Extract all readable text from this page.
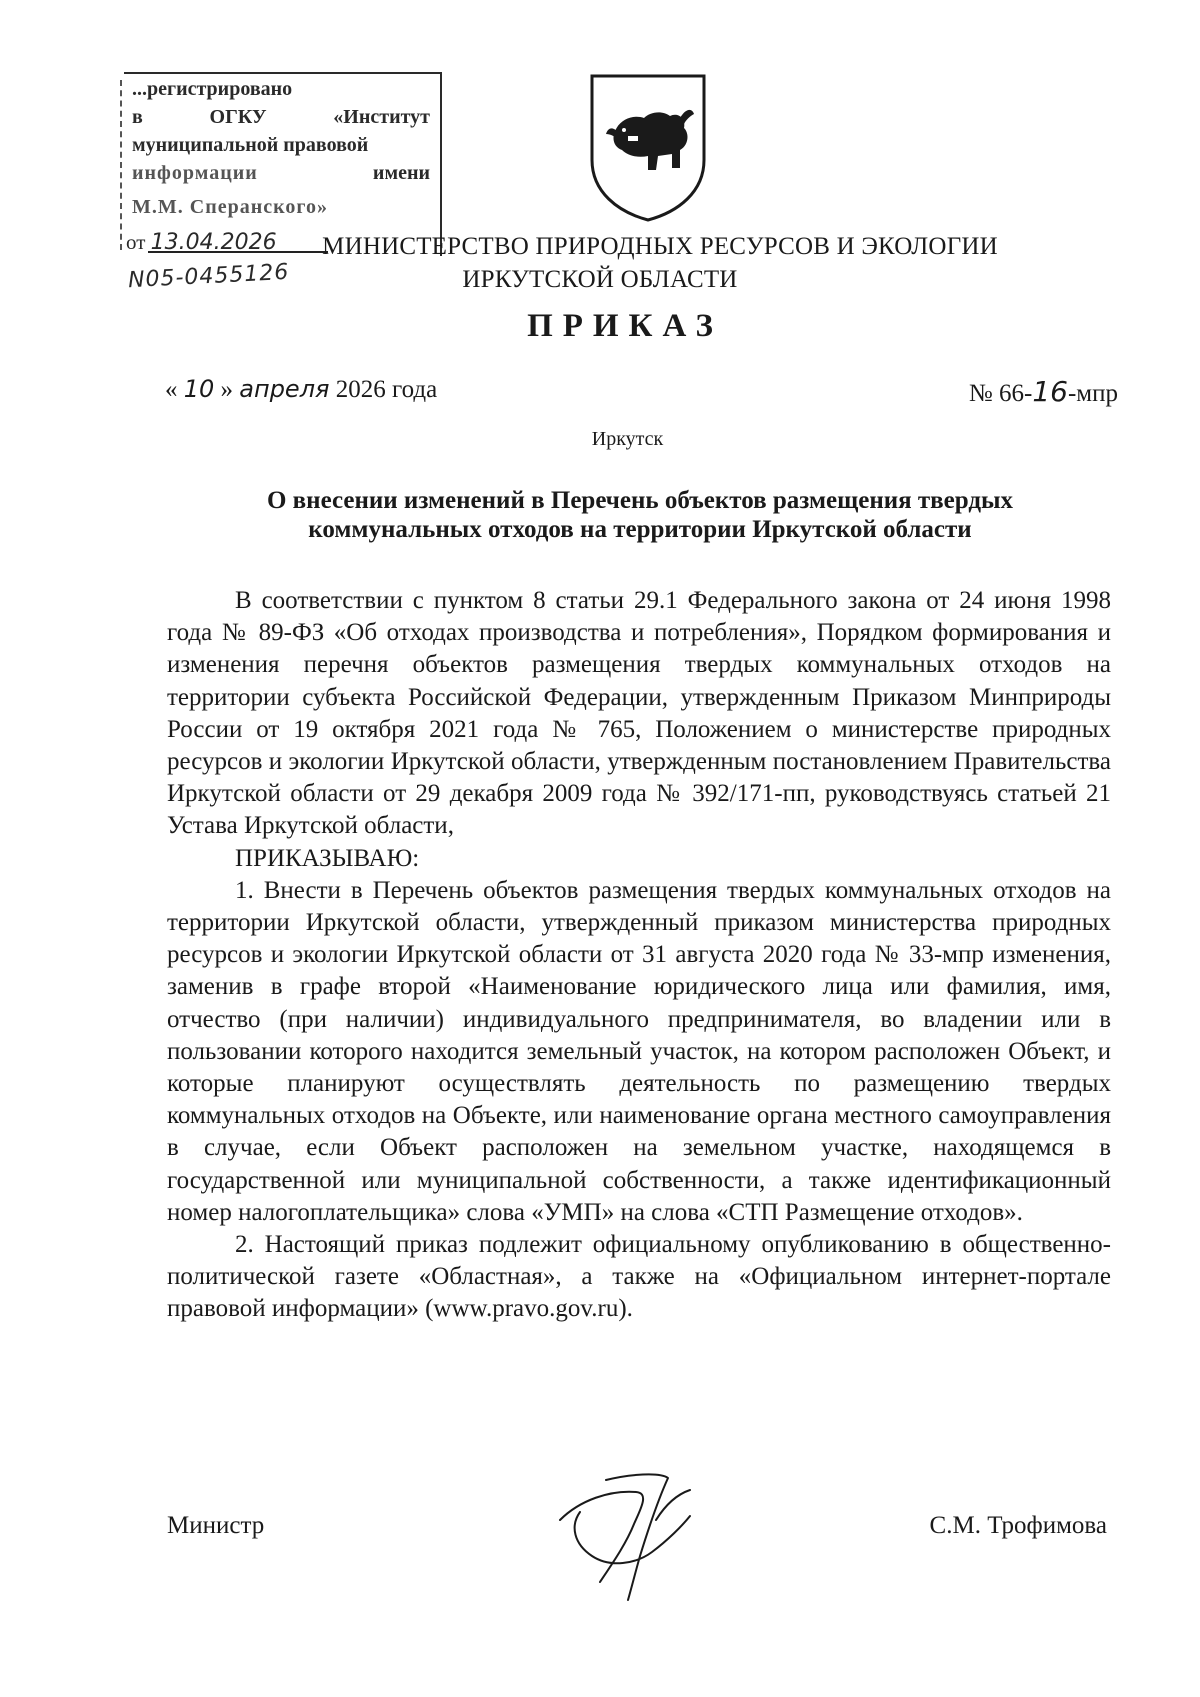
...регистрировано
в	ОГКУ	«Институт
муниципальной правовой
информации	имени
М.М. Сперанского»
от 13.04.2026
N05-0455126
МИНИСТЕРСТВО ПРИРОДНЫХ РЕСУРСОВ И ЭКОЛОГИИ
ИРКУТСКОЙ ОБЛАСТИ
ПРИКАЗ
« 10 » апреля 2026 года	№ 66-16-мпр
Иркутск
О внесении изменений в Перечень объектов размещения твердых
коммунальных отходов на территории Иркутской области

В соответствии с пунктом 8 статьи 29.1 Федерального закона от 24 июня 1998 года № 89-ФЗ «Об отходах производства и потребления», Порядком формирования и изменения перечня объектов размещения твердых коммунальных отходов на территории субъекта Российской Федерации, утвержденным Приказом Минприроды России от 19 октября 2021 года № 765, Положением о министерстве природных ресурсов и экологии Иркутской области, утвержденным постановлением Правительства Иркутской области от 29 декабря 2009 года № 392/171-пп, руководствуясь статьей 21 Устава Иркутской области,

ПРИКАЗЫВАЮ:

1. Внести в Перечень объектов размещения твердых коммунальных отходов на территории Иркутской области, утвержденный приказом министерства природных ресурсов и экологии Иркутской области от 31 августа 2020 года № 33-мпр изменения, заменив в графе второй «Наименование юридического лица или фамилия, имя, отчество (при наличии) индивидуального предпринимателя, во владении или в пользовании которого находится земельный участок, на котором расположен Объект, и которые планируют осуществлять деятельность по размещению твердых коммунальных отходов на Объекте, или наименование органа местного самоуправления в случае, если Объект расположен на земельном участке, находящемся в государственной или муниципальной собственности, а также идентификационный номер налогоплательщика» слова «УМП» на слова «СТП Размещение отходов».

2. Настоящий приказ подлежит официальному опубликованию в общественно-политической газете «Областная», а также на «Официальном интернет-портале правовой информации» (www.pravo.gov.ru).

Министр	С.М. Трофимова
